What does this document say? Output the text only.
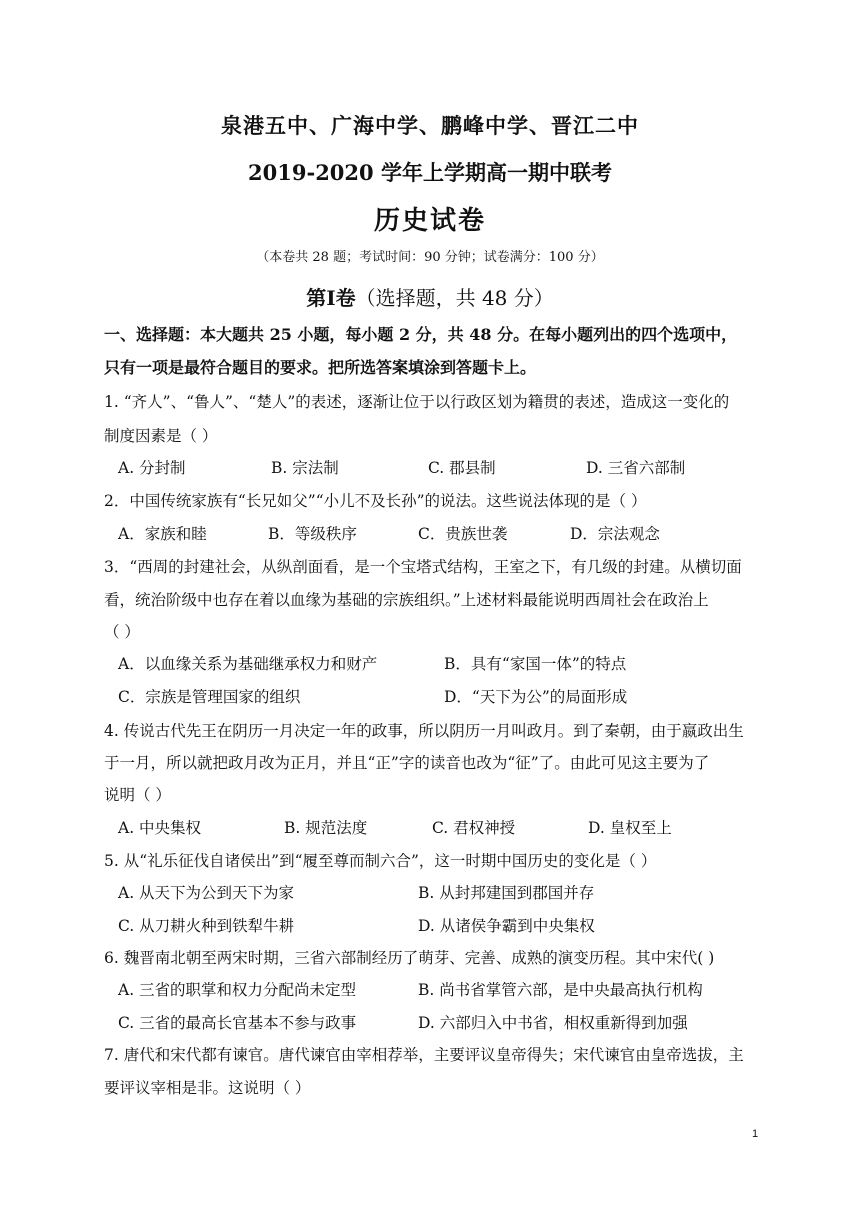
泉港五中、广海中学、鹏峰中学、晋江二中
2019-2020 学年上学期高一期中联考
历史试卷
（本卷共 28 题；考试时间：90 分钟；试卷满分：100 分）
第Ⅰ卷（选择题，共 48 分）
一、选择题：本大题共 25 小题，每小题 2 分，共 48 分。在每小题列出的四个选项中，
只有一项是最符合题目的要求。把所选答案填涂到答题卡上。
1. “齐人”、“鲁人”、“楚人”的表述，逐渐让位于以行政区划为籍贯的表述，造成这一变化的
制度因素是（ ）
A. 分封制	B. 宗法制	C. 郡县制	D. 三省六部制
2．中国传统家族有“长兄如父”“小儿不及长孙”的说法。这些说法体现的是（ ）
A．家族和睦	B．等级秩序	C．贵族世袭	D．宗法观念
3．“西周的封建社会，从纵剖面看，是一个宝塔式结构，王室之下，有几级的封建。从横切面
看，统治阶级中也存在着以血缘为基础的宗族组织。”上述材料最能说明西周社会在政治上
（ ）
A．以血缘关系为基础继承权力和财产	B．具有“家国一体”的特点
C．宗族是管理国家的组织	D．“天下为公”的局面形成
4. 传说古代先王在阴历一月决定一年的政事，所以阴历一月叫政月。到了秦朝，由于嬴政出生
于一月，所以就把政月改为正月，并且“正”字的读音也改为“征”了。由此可见这主要为了
说明（ ）
A. 中央集权	B. 规范法度	C. 君权神授	D. 皇权至上
5. 从“礼乐征伐自诸侯出”到“履至尊而制六合”，这一时期中国历史的变化是（ ）
A. 从天下为公到天下为家	B. 从封邦建国到郡国并存
C. 从刀耕火种到铁犁牛耕	D. 从诸侯争霸到中央集权
6. 魏晋南北朝至两宋时期，三省六部制经历了萌芽、完善、成熟的演变历程。其中宋代( )
A. 三省的职掌和权力分配尚未定型	B. 尚书省掌管六部，是中央最高执行机构
C. 三省的最高长官基本不参与政事	D. 六部归入中书省，相权重新得到加强
7. 唐代和宋代都有谏官。唐代谏官由宰相荐举，主要评议皇帝得失；宋代谏官由皇帝选拔，主
要评议宰相是非。这说明（ ）
1
